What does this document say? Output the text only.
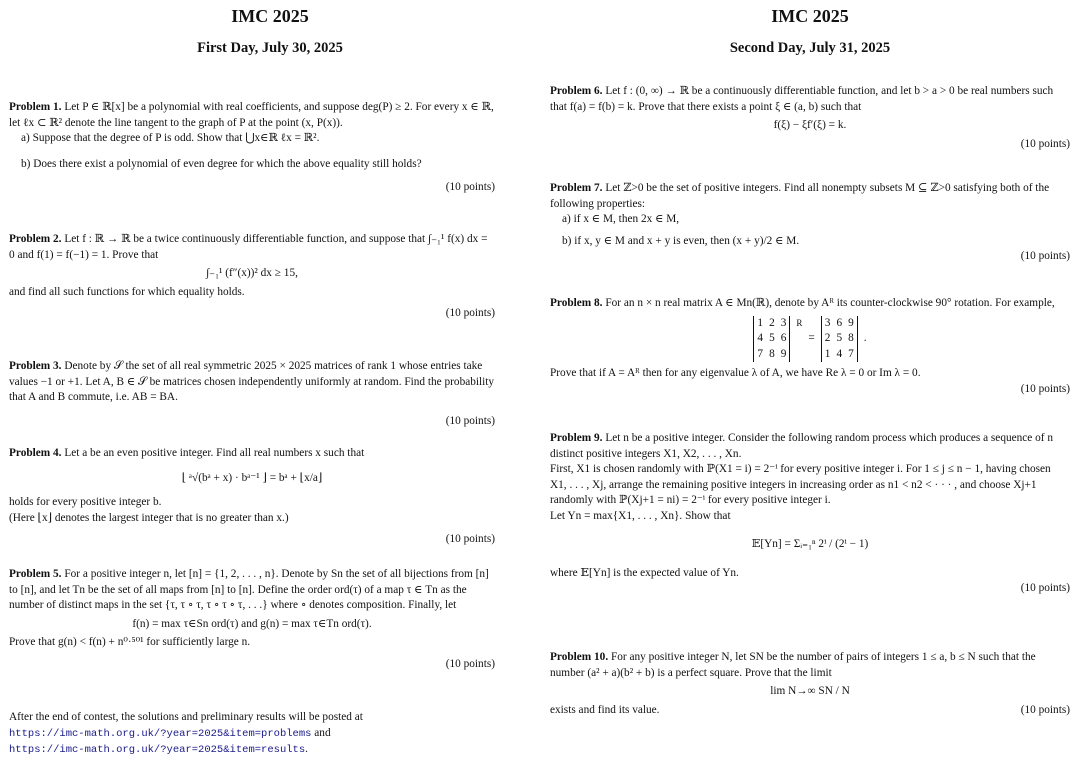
IMC 2025
First Day, July 30, 2025
Problem 1. Let P ∈ ℝ[x] be a polynomial with real coefficients, and suppose deg(P) ≥ 2. For every x ∈ ℝ, let ℓx ⊂ ℝ² denote the line tangent to the graph of P at the point (x, P(x)).
a) Suppose that the degree of P is odd. Show that ⋃x∈ℝ ℓx = ℝ².
b) Does there exist a polynomial of even degree for which the above equality still holds?
(10 points)
Problem 2. Let f : ℝ → ℝ be a twice continuously differentiable function, and suppose that ∫₋₁¹ f(x) dx = 0 and f(1) = f(−1) = 1. Prove that
∫₋₁¹ (f″(x))² dx ≥ 15,
and find all such functions for which equality holds.
(10 points)
Problem 3. Denote by 𝒮 the set of all real symmetric 2025 × 2025 matrices of rank 1 whose entries take values −1 or +1. Let A, B ∈ 𝒮 be matrices chosen independently uniformly at random. Find the probability that A and B commute, i.e. AB = BA.
(10 points)
Problem 4. Let a be an even positive integer. Find all real numbers x such that
⌊ ᵃ√(bᵃ + x) · bᵃ⁻¹ ⌋ = bᵃ + ⌊x/a⌋
holds for every positive integer b.
(Here ⌊x⌋ denotes the largest integer that is no greater than x.)
(10 points)
Problem 5. For a positive integer n, let [n] = {1, 2, . . . , n}. Denote by Sn the set of all bijections from [n] to [n], and let Tn be the set of all maps from [n] to [n]. Define the order ord(τ) of a map τ ∈ Tn as the number of distinct maps in the set {τ, τ ∘ τ, τ ∘ τ ∘ τ, . . .} where ∘ denotes composition. Finally, let
f(n) = max τ∈Sn ord(τ) and g(n) = max τ∈Tn ord(τ).
Prove that g(n) < f(n) + n⁰·⁵⁰¹ for sufficiently large n.
(10 points)
After the end of contest, the solutions and preliminary results will be posted at
https://imc-math.org.uk/?year=2025&item=problems and
https://imc-math.org.uk/?year=2025&item=results.
IMC 2025
Second Day, July 31, 2025
Problem 6. Let f : (0, ∞) → ℝ be a continuously differentiable function, and let b > a > 0 be real numbers such that f(a) = f(b) = k. Prove that there exists a point ξ ∈ (a, b) such that
f(ξ) − ξf′(ξ) = k.
(10 points)
Problem 7. Let ℤ>0 be the set of positive integers. Find all nonempty subsets M ⊆ ℤ>0 satisfying both of the following properties:
a) if x ∈ M, then 2x ∈ M,
b) if x, y ∈ M and x + y is even, then (x + y)/2 ∈ M.
(10 points)
Problem 8. For an n × n real matrix A ∈ Mn(ℝ), denote by Aᴿ its counter-clockwise 90° rotation. For example,
1	2	3
4	5	6
7	8	9
R
=
3	6	9
2	5	8
1	4	7
.
Prove that if A = Aᴿ then for any eigenvalue λ of A, we have Re λ = 0 or Im λ = 0.
(10 points)
Problem 9. Let n be a positive integer. Consider the following random process which produces a sequence of n distinct positive integers X1, X2, . . . , Xn.
First, X1 is chosen randomly with ℙ(X1 = i) = 2⁻ⁱ for every positive integer i. For 1 ≤ j ≤ n − 1, having chosen X1, . . . , Xj, arrange the remaining positive integers in increasing order as n1 < n2 < · · · , and choose Xj+1 randomly with ℙ(Xj+1 = ni) = 2⁻ⁱ for every positive integer i.
Let Yn = max{X1, . . . , Xn}. Show that
𝔼[Yn] = Σᵢ₌₁ⁿ 2ⁱ / (2ⁱ − 1)
where 𝔼[Yn] is the expected value of Yn.
(10 points)
Problem 10. For any positive integer N, let SN be the number of pairs of integers 1 ≤ a, b ≤ N such that the number (a² + a)(b² + b) is a perfect square. Prove that the limit
lim N→∞ SN / N
exists and find its value.	(10 points)
